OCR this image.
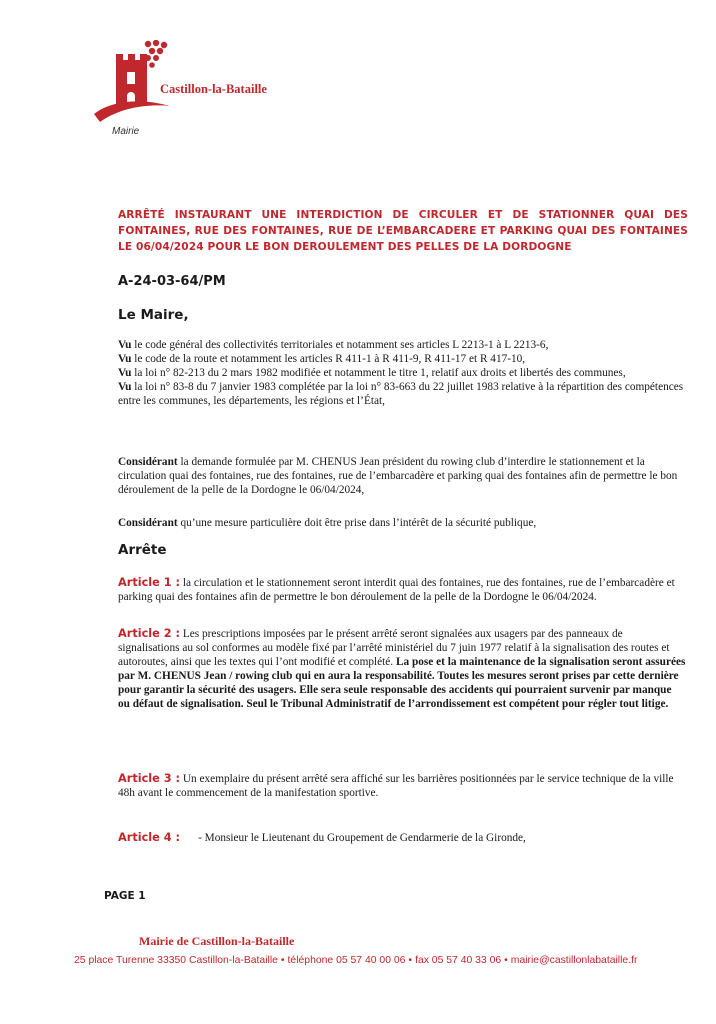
Castillon-la-Bataille
Mairie
ARRÊTÉ INSTAURANT UNE INTERDICTION DE CIRCULER ET DE STATIONNER QUAI DES FONTAINES, RUE DES FONTAINES, RUE DE L’EMBARCADERE ET PARKING QUAI DES FONTAINES LE 06/04/2024 POUR LE BON DEROULEMENT DES PELLES DE LA DORDOGNE
A-24-03-64/PM
Le Maire,
Vu le code général des collectivités territoriales et notamment ses articles L 2213-1 à L 2213-6,
Vu le code de la route et notamment les articles R 411-1 à R 411-9, R 411-17 et R 417-10,
Vu la loi n° 82-213 du 2 mars 1982 modifiée et notamment le titre 1, relatif aux droits et libertés des communes,
Vu la loi n° 83-8 du 7 janvier 1983 complétée par la loi n° 83-663 du 22 juillet 1983 relative à la répartition des compétences entre les communes, les départements, les régions et l’État,
Considérant la demande formulée par M. CHENUS Jean président du rowing club d’interdire le stationnement et la circulation quai des fontaines, rue des fontaines, rue de l’embarcadère et parking quai des fontaines afin de permettre le bon déroulement de la pelle de la Dordogne le 06/04/2024,
Considérant qu’une mesure particulière doit être prise dans l’intérêt de la sécurité publique,
Arrête
Article 1 : la circulation et le stationnement seront interdit quai des fontaines, rue des fontaines, rue de l’embarcadère et parking quai des fontaines afin de permettre le bon déroulement de la pelle de la Dordogne le 06/04/2024.
Article 2 : Les prescriptions imposées par le présent arrêté seront signalées aux usagers par des panneaux de signalisations au sol conformes au modèle fixé par l’arrêté ministériel du 7 juin 1977 relatif à la signalisation des routes et autoroutes, ainsi que les textes qui l’ont modifié et complété. La pose et la maintenance de la signalisation seront assurées par M. CHENUS Jean / rowing club qui en aura la responsabilité. Toutes les mesures seront prises par cette dernière pour garantir la sécurité des usagers. Elle sera seule responsable des accidents qui pourraient survenir par manque ou défaut de signalisation. Seul le Tribunal Administratif de l’arrondissement est compétent pour régler tout litige.
Article 3 : Un exemplaire du présent arrêté sera affiché sur les barrières positionnées par le service technique de la ville 48h avant le commencement de la manifestation sportive.
Article 4 : - Monsieur le Lieutenant du Groupement de Gendarmerie de la Gironde,
PAGE 1
Mairie de Castillon-la-Bataille
25 place Turenne 33350 Castillon-la-Bataille • téléphone 05 57 40 00 06 • fax 05 57 40 33 06 • mairie@castillonlabataille.fr
